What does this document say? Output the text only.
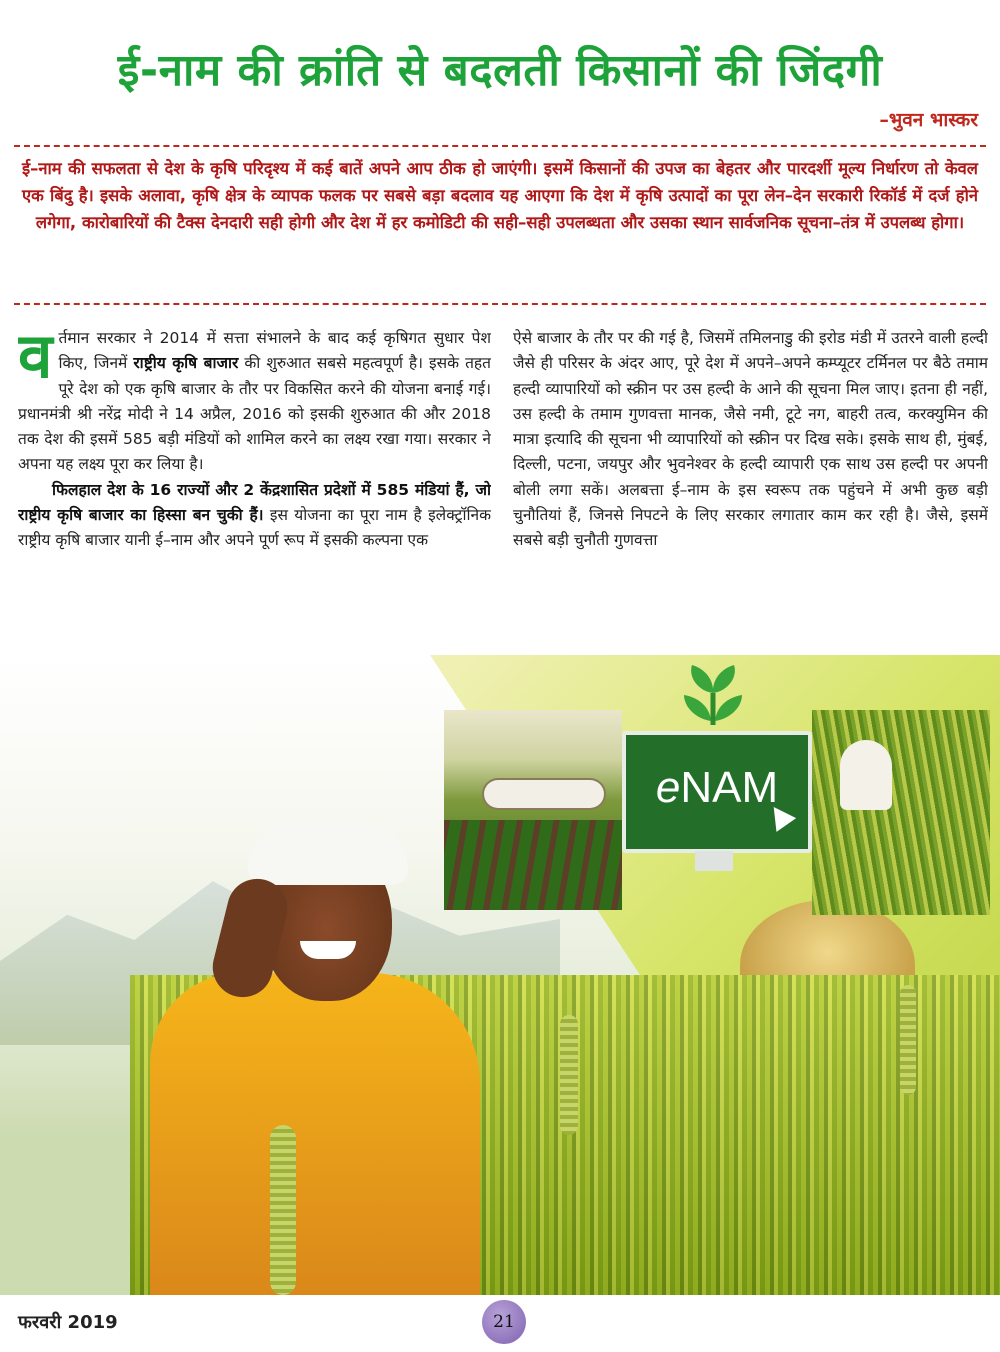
ई-नाम की क्रांति से बदलती किसानों की जिंदगी
–भुवन भास्कर

ई–नाम की सफलता से देश के कृषि परिदृश्य में कई बातें अपने आप ठीक हो जाएंगी। इसमें किसानों की उपज का बेहतर और पारदर्शी मूल्य निर्धारण तो केवल एक बिंदु है। इसके अलावा, कृषि क्षेत्र के व्यापक फलक पर सबसे बड़ा बदलाव यह आएगा कि देश में कृषि उत्पादों का पूरा लेन–देन सरकारी रिकॉर्ड में दर्ज होने लगेगा, कारोबारियों की टैक्स देनदारी सही होगी और देश में हर कमोडिटी की सही–सही उपलब्धता और उसका स्थान सार्वजनिक सूचना–तंत्र में उपलब्ध होगा।

वर्तमान सरकार ने 2014 में सत्ता संभालने के बाद कई कृषिगत सुधार पेश किए, जिनमें राष्ट्रीय कृषि बाजार की शुरुआत सबसे महत्वपूर्ण है। इसके तहत पूरे देश को एक कृषि बाजार के तौर पर विकसित करने की योजना बनाई गई। प्रधानमंत्री श्री नरेंद्र मोदी ने 14 अप्रैल, 2016 को इसकी शुरुआत की और 2018 तक देश की इसमें 585 बड़ी मंडियों को शामिल करने का लक्ष्य रखा गया। सरकार ने अपना यह लक्ष्य पूरा कर लिया है।

फिलहाल देश के 16 राज्यों और 2 केंद्रशासित प्रदेशों में 585 मंडियां हैं, जो राष्ट्रीय कृषि बाजार का हिस्सा बन चुकी हैं। इस योजना का पूरा नाम है इलेक्ट्रॉनिक राष्ट्रीय कृषि बाजार यानी ई–नाम और अपने पूर्ण रूप में इसकी कल्पना एक

ऐसे बाजार के तौर पर की गई है, जिसमें तमिलनाडु की इरोड मंडी में उतरने वाली हल्दी जैसे ही परिसर के अंदर आए, पूरे देश में अपने–अपने कम्प्यूटर टर्मिनल पर बैठे तमाम हल्दी व्यापारियों को स्क्रीन पर उस हल्दी के आने की सूचना मिल जाए। इतना ही नहीं, उस हल्दी के तमाम गुणवत्ता मानक, जैसे नमी, टूटे नग, बाहरी तत्व, करक्युमिन की मात्रा इत्यादि की सूचना भी व्यापारियों को स्क्रीन पर दिख सके। इसके साथ ही, मुंबई, दिल्ली, पटना, जयपुर और भुवनेश्वर के हल्दी व्यापारी एक साथ उस हल्दी पर अपनी बोली लगा सकें। अलबत्ता ई–नाम के इस स्वरूप तक पहुंचने में अभी कुछ बड़ी चुनौतियां हैं, जिनसे निपटने के लिए सरकार लगातार काम कर रही है। जैसे, इसमें सबसे बड़ी चुनौती गुणवत्ता

eNAM
फरवरी 2019	21
